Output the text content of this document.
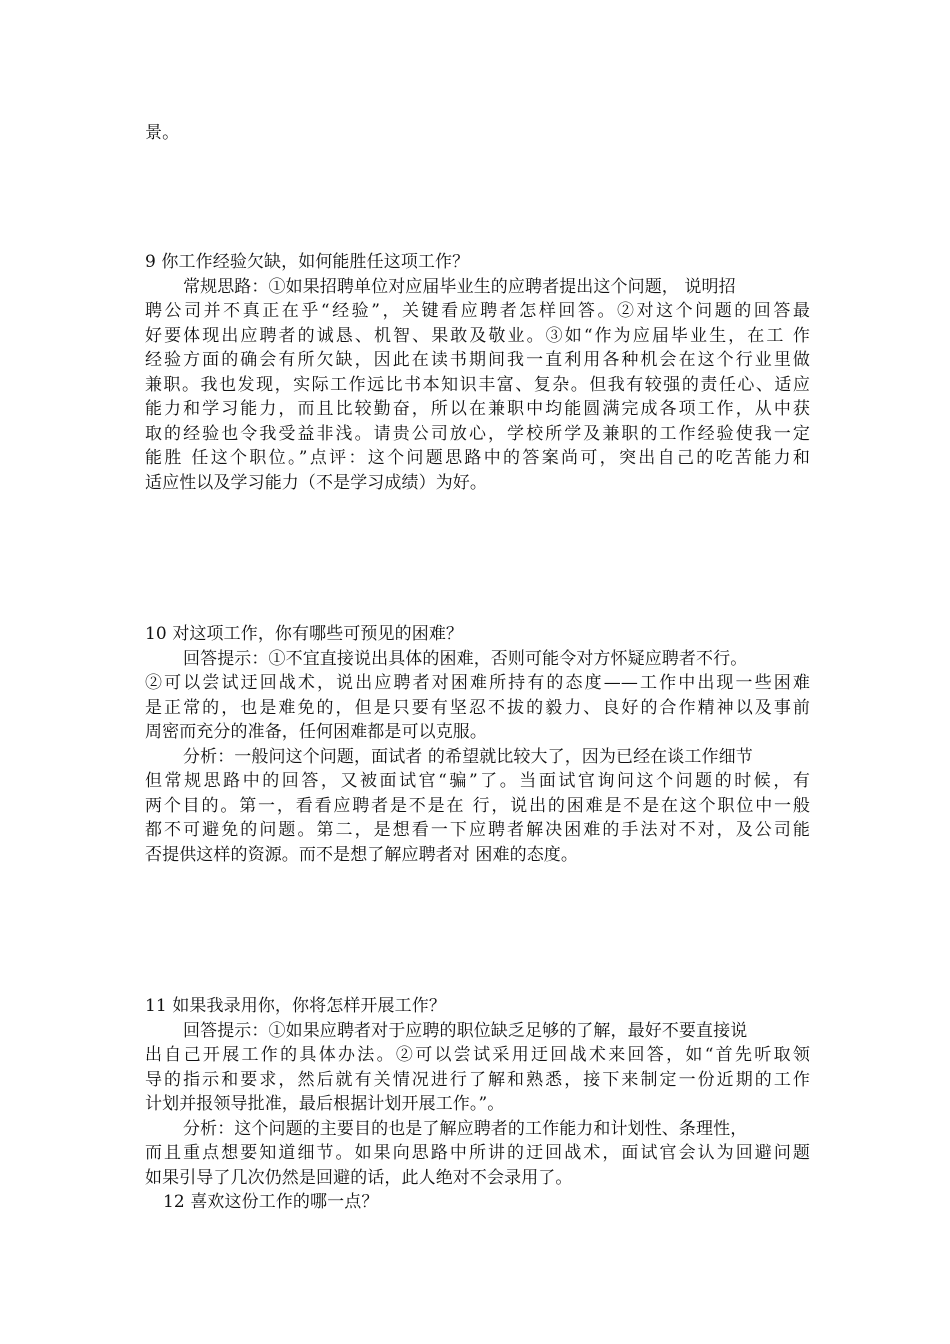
景。
9 你工作经验欠缺，如何能胜任这项工作？
常规思路：①如果招聘单位对应届毕业生的应聘者提出这个问题， 说明招
聘公司并不真正在乎“经验”，关键看应聘者怎样回答。②对这个问题的回答最
好要体现出应聘者的诚恳、机智、果敢及敬业。③如“作为应届毕业生，在工 作
经验方面的确会有所欠缺，因此在读书期间我一直利用各种机会在这个行业里做
兼职。我也发现，实际工作远比书本知识丰富、复杂。但我有较强的责任心、适应
能力和学习能力，而且比较勤奋，所以在兼职中均能圆满完成各项工作，从中获
取的经验也令我受益非浅。请贵公司放心，学校所学及兼职的工作经验使我一定
能胜 任这个职位。”点评：这个问题思路中的答案尚可，突出自己的吃苦能力和
适应性以及学习能力（不是学习成绩）为好。
10 对这项工作，你有哪些可预见的困难？
回答提示：①不宜直接说出具体的困难，否则可能令对方怀疑应聘者不行。
②可以尝试迂回战术，说出应聘者对困难所持有的态度——工作中出现一些困难
是正常的，也是难免的，但是只要有坚忍不拔的毅力、良好的合作精神以及事前
周密而充分的准备，任何困难都是可以克服。
分析：一般问这个问题，面试者 的希望就比较大了，因为已经在谈工作细节
但常规思路中的回答，又被面试官“骗”了。当面试官询问这个问题的时候，有
两个目的。第一，看看应聘者是不是在 行，说出的困难是不是在这个职位中一般
都不可避免的问题。第二，是想看一下应聘者解决困难的手法对不对，及公司能
否提供这样的资源。而不是想了解应聘者对 困难的态度。
11 如果我录用你，你将怎样开展工作？
回答提示：①如果应聘者对于应聘的职位缺乏足够的了解，最好不要直接说
出自己开展工作的具体办法。②可以尝试采用迂回战术来回答，如“首先听取领
导的指示和要求，然后就有关情况进行了解和熟悉，接下来制定一份近期的工作
计划并报领导批准，最后根据计划开展工作。”。
分析：这个问题的主要目的也是了解应聘者的工作能力和计划性、条理性，
而且重点想要知道细节。如果向思路中所讲的迂回战术，面试官会认为回避问题
如果引导了几次仍然是回避的话，此人绝对不会录用了。
12 喜欢这份工作的哪一点？
